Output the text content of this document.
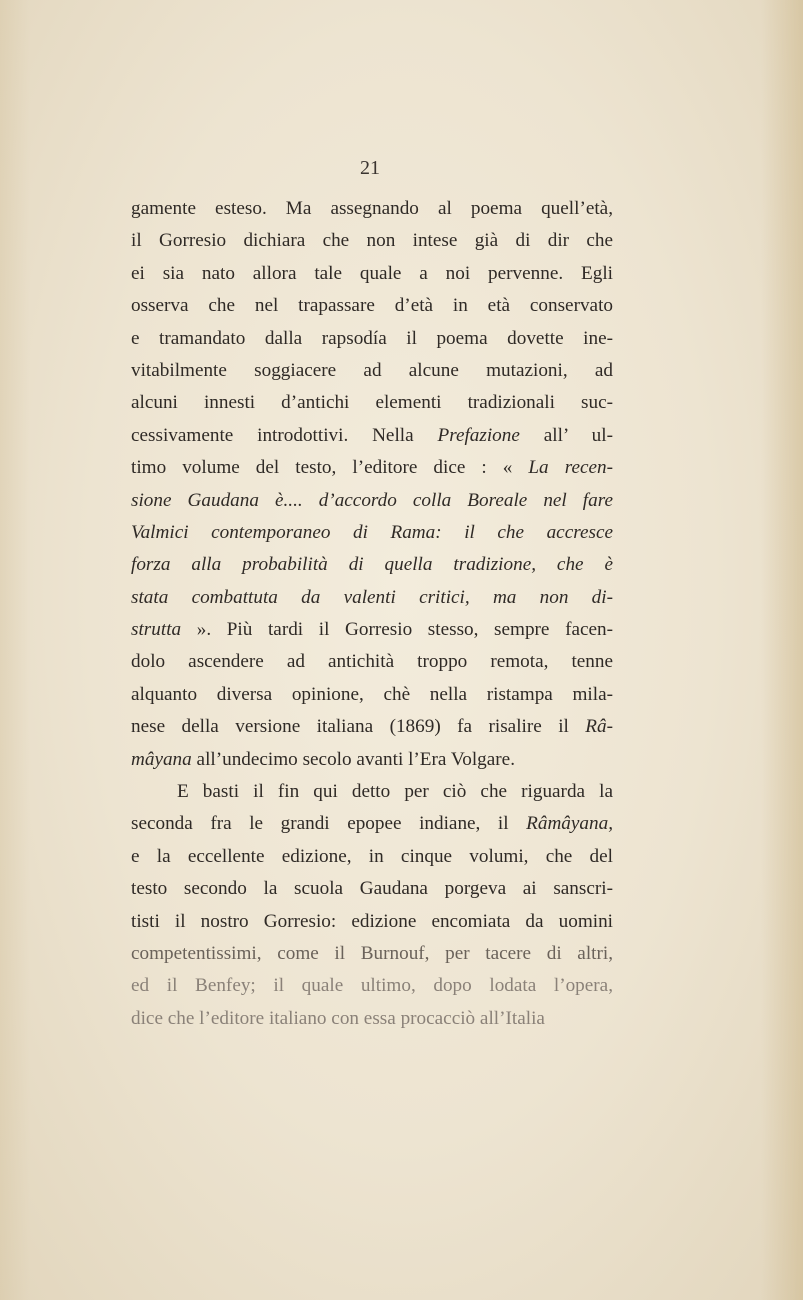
21
gamente esteso. Ma assegnando al poema quell’età,
il Gorresio dichiara che non intese già di dir che
ei sia nato allora tale quale a noi pervenne. Egli
osserva che nel trapassare d’età in età conservato
e tramandato dalla rapsodía il poema dovette ine-
vitabilmente soggiacere ad alcune mutazioni, ad
alcuni innesti d’antichi elementi tradizionali suc-
cessivamente introdottivi. Nella Prefazione all’ ul-
timo volume del testo, l’editore dice : « La recen-
sione Gaudana è.... d’accordo colla Boreale nel fare
Valmici contemporaneo di Rama: il che accresce
forza alla probabilità di quella tradizione, che è
stata combattuta da valenti critici, ma non di-
strutta ». Più tardi il Gorresio stesso, sempre facen-
dolo ascendere ad antichità troppo remota, tenne
alquanto diversa opinione, chè nella ristampa mila-
nese della versione italiana (1869) fa risalire il Râ-
mâyana all’undecimo secolo avanti l’Era Volgare.
E basti il fin qui detto per ciò che riguarda la
seconda fra le grandi epopee indiane, il Râmâyana,
e la eccellente edizione, in cinque volumi, che del
testo secondo la scuola Gaudana porgeva ai sanscri-
tisti il nostro Gorresio: edizione encomiata da uomini
competentissimi, come il Burnouf, per tacere di altri,
ed il Benfey; il quale ultimo, dopo lodata l’opera,
dice che l’editore italiano con essa procacciò all’Italia
